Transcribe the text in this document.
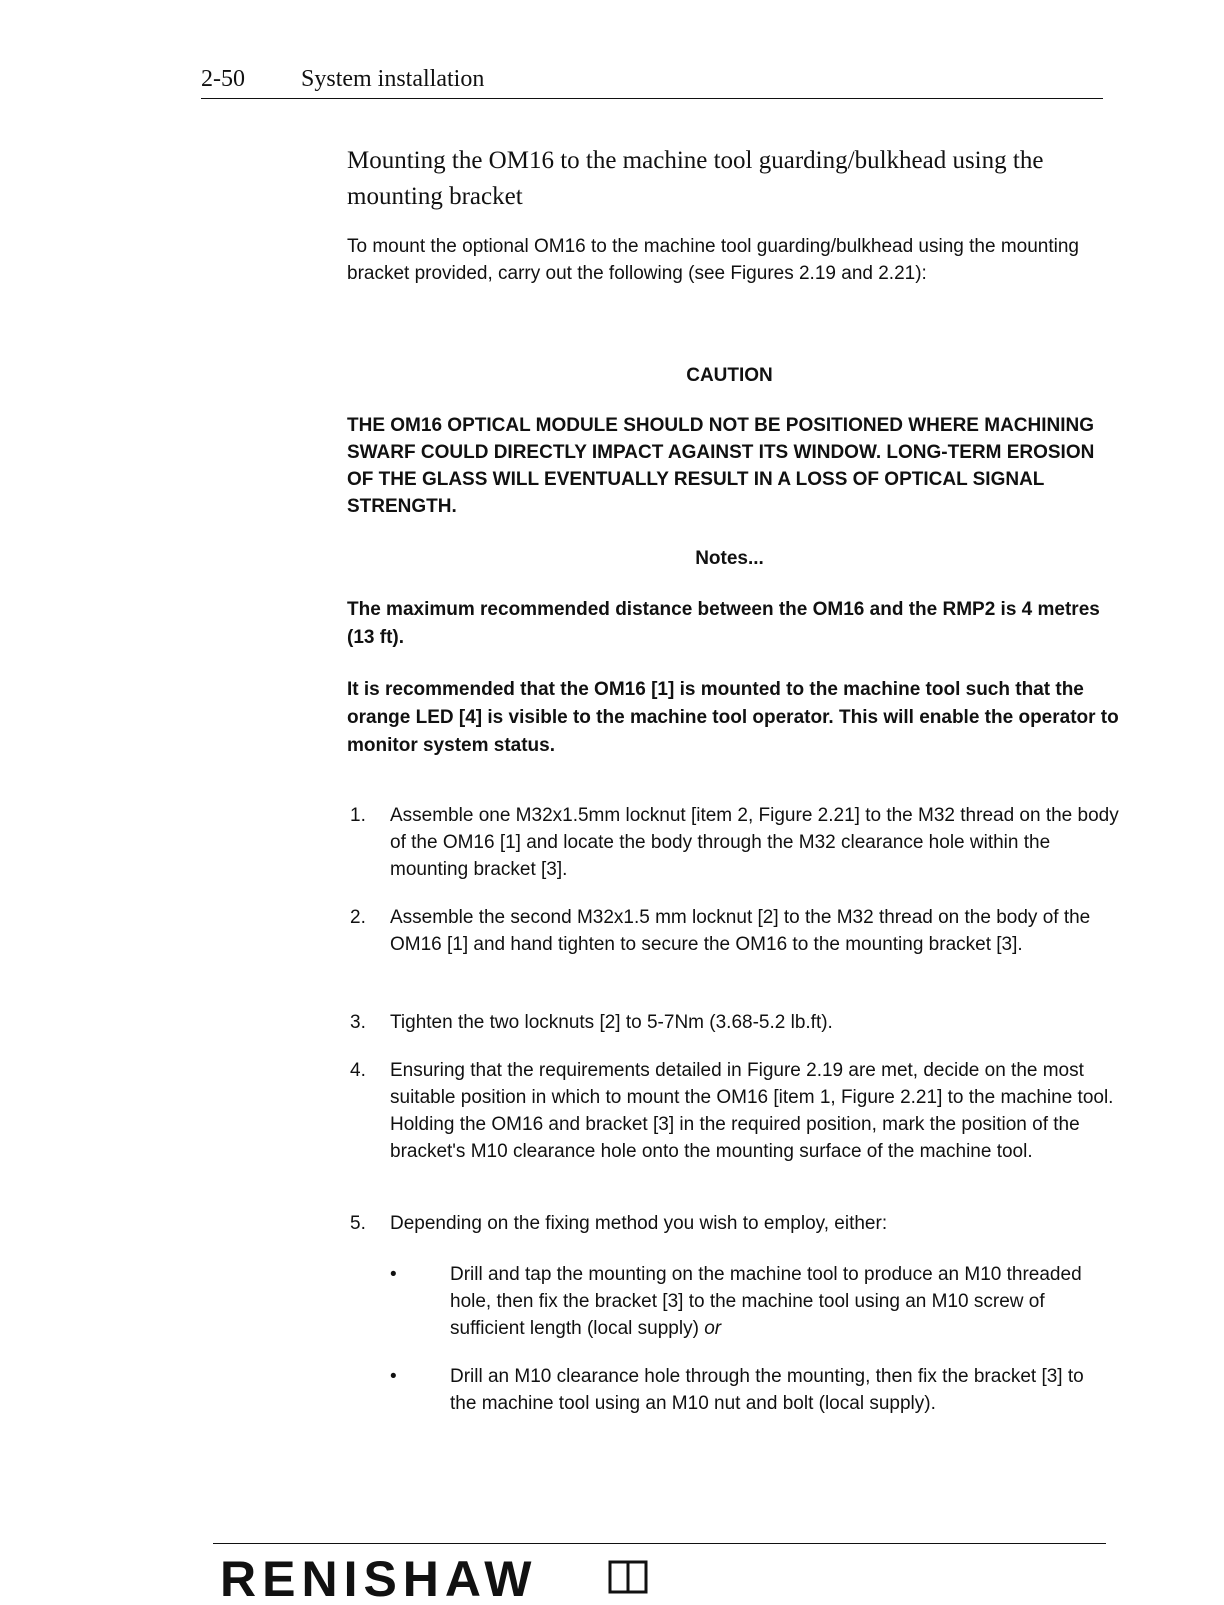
2-50 System installation
Mounting the OM16 to the machine tool guarding/bulkhead using the mounting bracket
To mount the optional OM16 to the machine tool guarding/bulkhead using the mounting bracket provided, carry out the following (see Figures 2.19 and 2.21):
CAUTION
THE OM16 OPTICAL MODULE SHOULD NOT BE POSITIONED WHERE MACHINING SWARF COULD DIRECTLY IMPACT AGAINST ITS WINDOW. LONG-TERM EROSION OF THE GLASS WILL EVENTUALLY RESULT IN A LOSS OF OPTICAL SIGNAL STRENGTH.
Notes...
The maximum recommended distance between the OM16 and the RMP2 is 4 metres (13 ft).
It is recommended that the OM16 [1] is mounted to the machine tool such that the orange LED [4] is visible to the machine tool operator. This will enable the operator to monitor system status.
1.	Assemble one M32x1.5mm locknut [item 2, Figure 2.21] to the M32 thread on the body of the OM16 [1] and locate the body through the M32 clearance hole within the mounting bracket [3].
2.	Assemble the second M32x1.5 mm locknut [2] to the M32 thread on the body of the OM16 [1] and hand tighten to secure the OM16 to the mounting bracket [3].
3.	Tighten the two locknuts [2] to 5-7Nm (3.68-5.2 lb.ft).
4.	Ensuring that the requirements detailed in Figure 2.19 are met, decide on the most suitable position in which to mount the OM16 [item 1, Figure 2.21] to the machine tool. Holding the OM16 and bracket [3] in the required position, mark the position of the bracket's M10 clearance hole onto the mounting surface of the machine tool.
5.	Depending on the fixing method you wish to employ, either:
•	Drill and tap the mounting on the machine tool to produce an M10 threaded hole, then fix the bracket [3] to the machine tool using an M10 screw of sufficient length (local supply) or
•	Drill an M10 clearance hole through the mounting, then fix the bracket [3] to the machine tool using an M10 nut and bolt (local supply).
RENISHAW
